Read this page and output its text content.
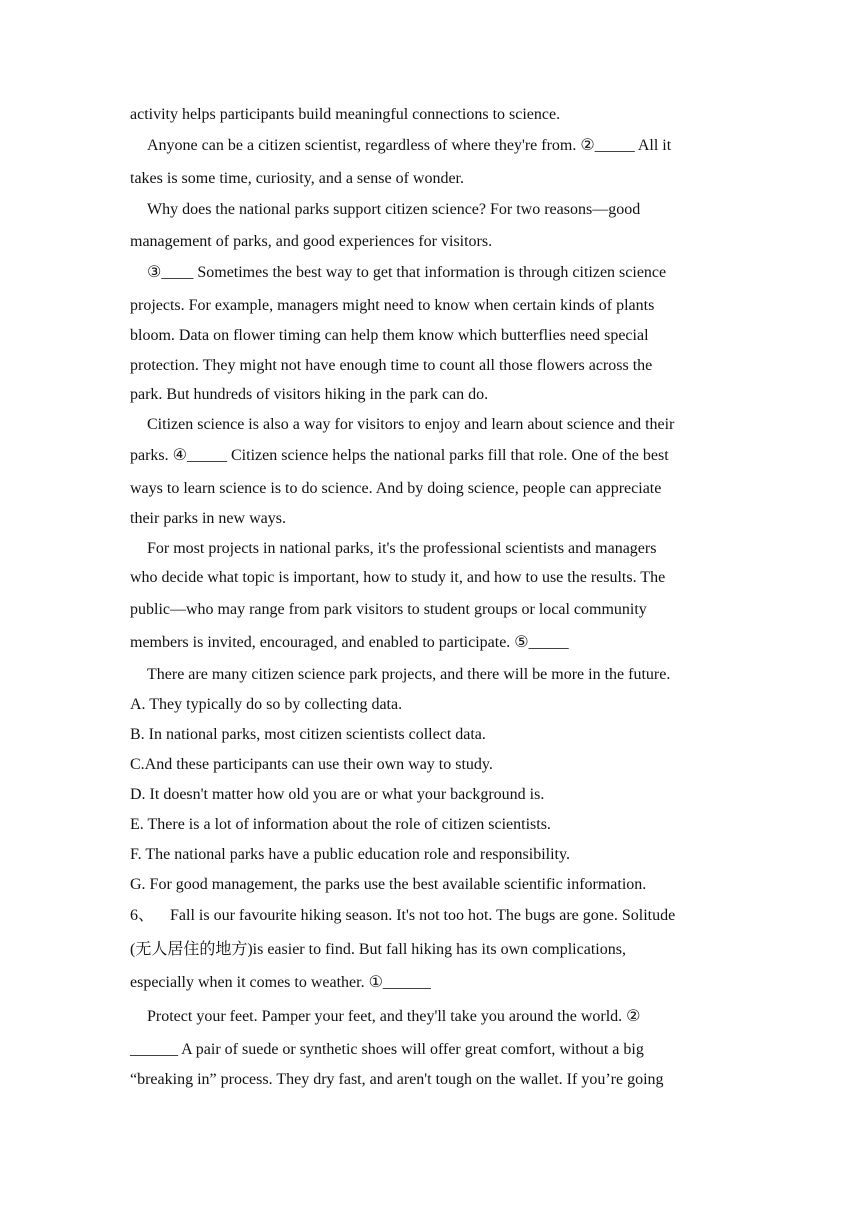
activity helps participants build meaningful connections to science.
Anyone can be a citizen scientist, regardless of where they're from. ②_____ All it
takes is some time, curiosity, and a sense of wonder.
Why does the national parks support citizen science? For two reasons—good
management of parks, and good experiences for visitors.
③____ Sometimes the best way to get that information is through citizen science
projects. For example, managers might need to know when certain kinds of plants
bloom. Data on flower timing can help them know which butterflies need special
protection. They might not have enough time to count all those flowers across the
park. But hundreds of visitors hiking in the park can do.
Citizen science is also a way for visitors to enjoy and learn about science and their
parks. ④_____ Citizen science helps the national parks fill that role. One of the best
ways to learn science is to do science. And by doing science, people can appreciate
their parks in new ways.
For most projects in national parks, it's the professional scientists and managers
who decide what topic is important, how to study it, and how to use the results. The
public—who may range from park visitors to student groups or local community
members is invited, encouraged, and enabled to participate. ⑤_____
There are many citizen science park projects, and there will be more in the future.
A. They typically do so by collecting data.
B. In national parks, most citizen scientists collect data.
C.And these participants can use their own way to study.
D. It doesn't matter how old you are or what your background is.
E. There is a lot of information about the role of citizen scientists.
F. The national parks have a public education role and responsibility.
G. For good management, the parks use the best available scientific information.
6、    Fall is our favourite hiking season. It's not too hot. The bugs are gone. Solitude
(无人居住的地方)is easier to find. But fall hiking has its own complications,
especially when it comes to weather. ①______
Protect your feet. Pamper your feet, and they'll take you around the world. ②
______ A pair of suede or synthetic shoes will offer great comfort, without a big
“breaking in” process. They dry fast, and aren't tough on the wallet. If you’re going
